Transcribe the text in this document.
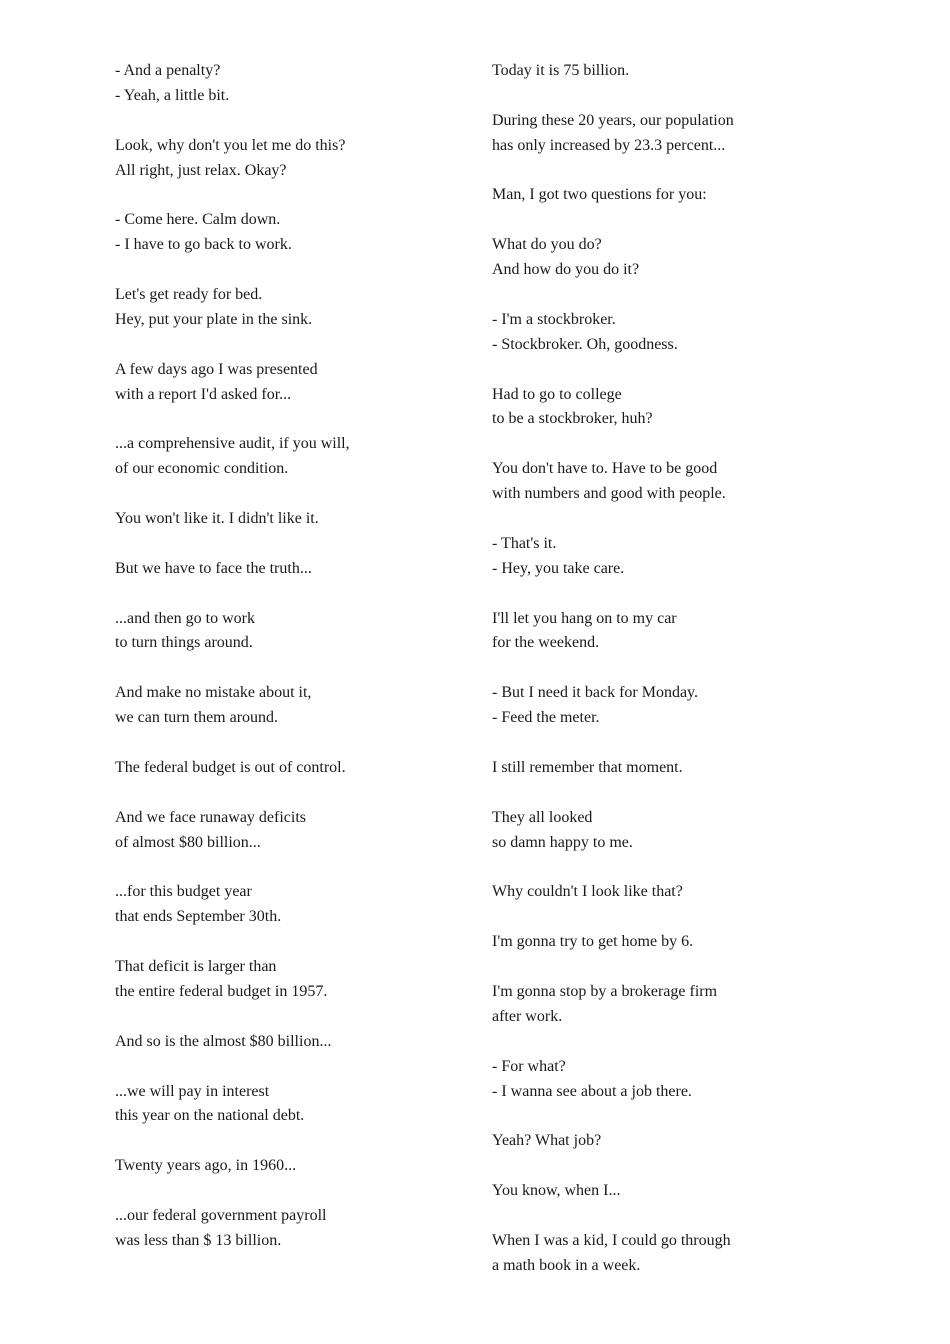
- And a penalty?
- Yeah, a little bit.
Look, why don't you let me do this?
All right, just relax. Okay?
- Come here. Calm down.
- I have to go back to work.
Let's get ready for bed.
Hey, put your plate in the sink.
A few days ago I was presented
with a report I'd asked for...
...a comprehensive audit, if you will,
of our economic condition.
You won't like it. I didn't like it.
But we have to face the truth...
...and then go to work
to turn things around.
And make no mistake about it,
we can turn them around.
The federal budget is out of control.
And we face runaway deficits
of almost $80 billion...
...for this budget year
that ends September 30th.
That deficit is larger than
the entire federal budget in 1957.
And so is the almost $80 billion...
...we will pay in interest
this year on the national debt.
Twenty years ago, in 1960...
...our federal government payroll
was less than $ 13 billion.
Today it is 75 billion.
During these 20 years, our population
has only increased by 23.3 percent...
Man, I got two questions for you:
What do you do?
And how do you do it?
- I'm a stockbroker.
- Stockbroker. Oh, goodness.
Had to go to college
to be a stockbroker, huh?
You don't have to. Have to be good
with numbers and good with people.
- That's it.
- Hey, you take care.
I'll let you hang on to my car
for the weekend.
- But I need it back for Monday.
- Feed the meter.
I still remember that moment.
They all looked
so damn happy to me.
Why couldn't I look like that?
I'm gonna try to get home by 6.
I'm gonna stop by a brokerage firm
after work.
- For what?
- I wanna see about a job there.
Yeah? What job?
You know, when I...
When I was a kid, I could go through
a math book in a week.
